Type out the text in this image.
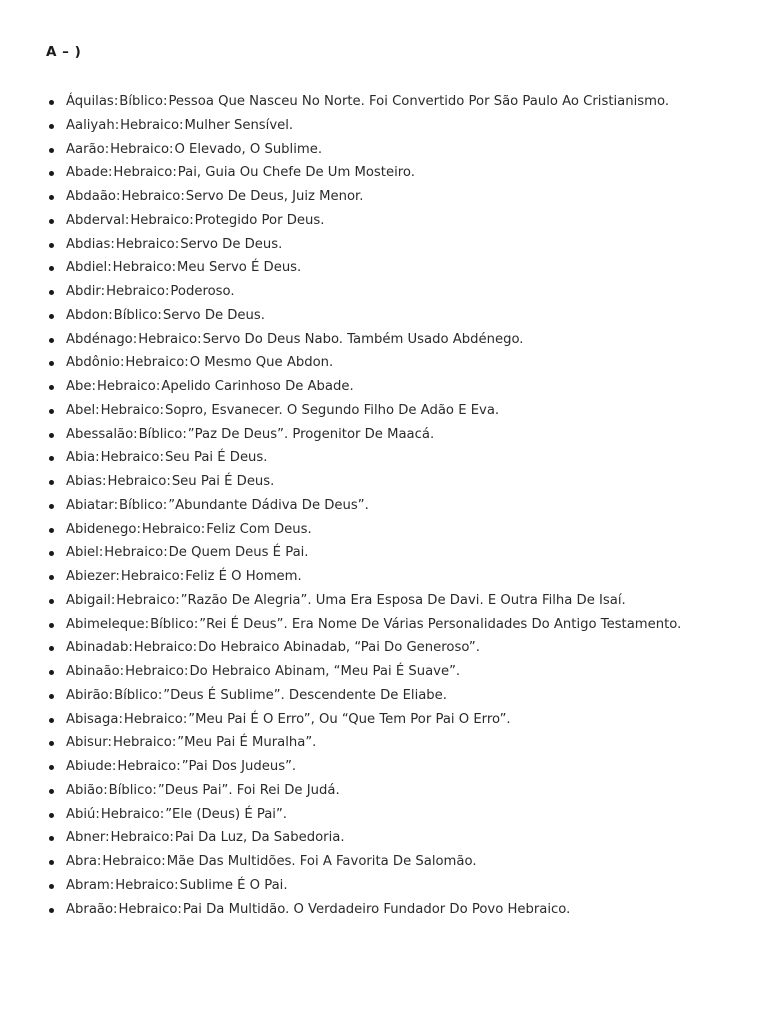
A – )
Áquilas:Bíblico:Pessoa Que Nasceu No Norte. Foi Convertido Por São Paulo Ao Cristianismo.
Aaliyah:Hebraico:Mulher Sensível.
Aarão:Hebraico:O Elevado, O Sublime.
Abade:Hebraico:Pai, Guia Ou Chefe De Um Mosteiro.
Abdaão:Hebraico:Servo De Deus, Juiz Menor.
Abderval:Hebraico:Protegido Por Deus.
Abdias:Hebraico:Servo De Deus.
Abdiel:Hebraico:Meu Servo É Deus.
Abdir:Hebraico:Poderoso.
Abdon:Bíblico:Servo De Deus.
Abdénago:Hebraico:Servo Do Deus Nabo. Também Usado Abdénego.
Abdônio:Hebraico:O Mesmo Que Abdon.
Abe:Hebraico:Apelido Carinhoso De Abade.
Abel:Hebraico:Sopro, Esvanecer. O Segundo Filho De Adão E Eva.
Abessalão:Bíblico:”Paz De Deus”. Progenitor De Maacá.
Abia:Hebraico:Seu Pai É Deus.
Abias:Hebraico:Seu Pai É Deus.
Abiatar:Bíblico:”Abundante Dádiva De Deus”.
Abidenego:Hebraico:Feliz Com Deus.
Abiel:Hebraico:De Quem Deus É Pai.
Abiezer:Hebraico:Feliz É O Homem.
Abigail:Hebraico:”Razão De Alegria”. Uma Era Esposa De Davi. E Outra Filha De Isaí.
Abimeleque:Bíblico:”Rei É Deus”. Era Nome De Várias Personalidades Do Antigo Testamento.
Abinadab:Hebraico:Do Hebraico Abinadab, “Pai Do Generoso”.
Abinaão:Hebraico:Do Hebraico Abinam, “Meu Pai É Suave”.
Abirão:Bíblico:”Deus É Sublime”. Descendente De Eliabe.
Abisaga:Hebraico:”Meu Pai É O Erro”, Ou “Que Tem Por Pai O Erro”.
Abisur:Hebraico:”Meu Pai É Muralha”.
Abiude:Hebraico:”Pai Dos Judeus”.
Abião:Bíblico:”Deus Pai”. Foi Rei De Judá.
Abiú:Hebraico:”Ele (Deus) É Pai”.
Abner:Hebraico:Pai Da Luz, Da Sabedoria.
Abra:Hebraico:Mãe Das Multidões. Foi A Favorita De Salomão.
Abram:Hebraico:Sublime É O Pai.
Abraão:Hebraico:Pai Da Multidão. O Verdadeiro Fundador Do Povo Hebraico.
